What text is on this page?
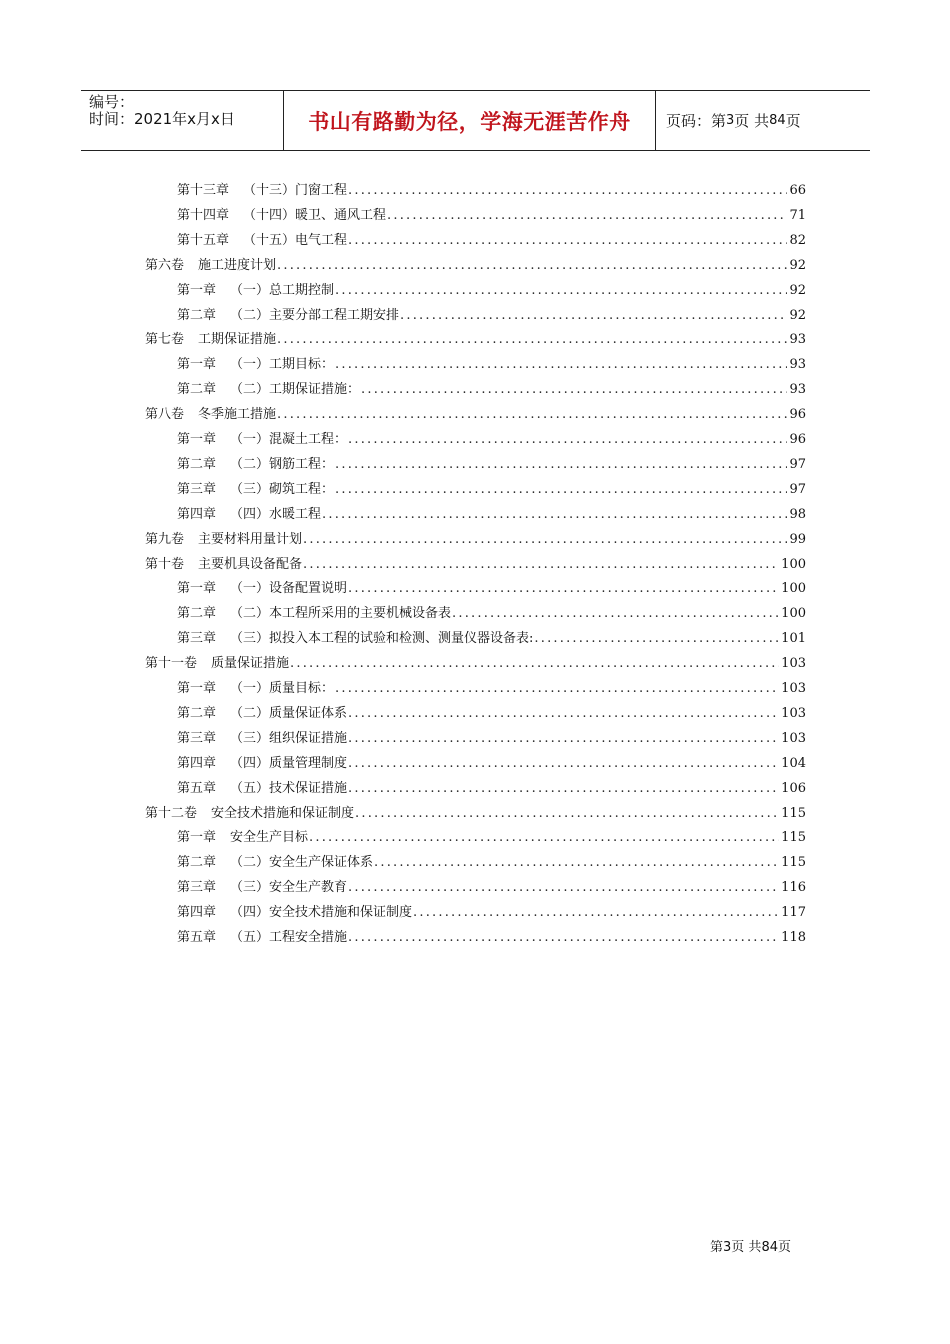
编号：
时间：2021年x月x日	书山有路勤为径，学海无涯苦作舟	页码：第 3 页 共 84 页
第十三章 （十三）门窗工程 .....	66
第十四章 （十四）暖卫、通风工程 .....	71
第十五章 （十五）电气工程 .....	82
第六卷 施工进度计划 .....	92
第一章 （一）总工期控制 .....	92
第二章 （二）主要分部工程工期安排 .....	92
第七卷 工期保证措施 .....	93
第一章 （一）工期目标： .....	93
第二章 （二）工期保证措施： .....	93
第八卷 冬季施工措施 .....	96
第一章 （一）混凝土工程： .....	96
第二章 （二）钢筋工程： .....	97
第三章 （三）砌筑工程： .....	97
第四章 （四）水暖工程 .....	98
第九卷 主要材料用量计划 .....	99
第十卷 主要机具设备配备 .....	100
第一章 （一）设备配置说明 .....	100
第二章 （二）本工程所采用的主要机械设备表 .....	100
第三章 （三）拟投入本工程的试验和检测、测量仪器设备表: .....	101
第十一卷 质量保证措施 .....	103
第一章 （一）质量目标： .....	103
第二章 （二）质量保证体系 .....	103
第三章 （三）组织保证措施 .....	103
第四章 （四）质量管理制度 .....	104
第五章 （五）技术保证措施 .....	106
第十二卷 安全技术措施和保证制度 .....	115
第一章 安全生产目标 .....	115
第二章 （二）安全生产保证体系 .....	115
第三章 （三）安全生产教育 .....	116
第四章 （四）安全技术措施和保证制度 .....	117
第五章 （五）工程安全措施 .....	118
第3页 共84页
